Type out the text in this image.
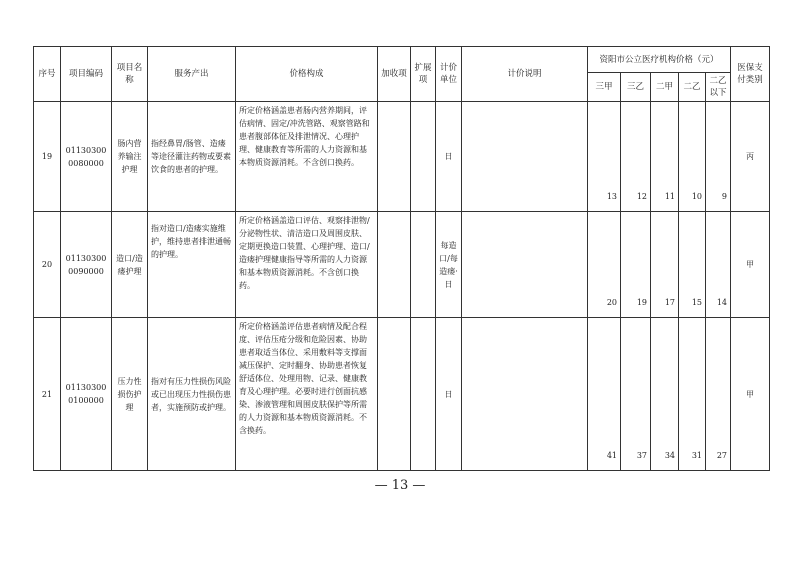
序号	项目编码	项目名称	服务产出	价格构成	加收项	扩展项	计价单位	计价说明	资阳市公立医疗机构价格（元）					医保支付类别
									三甲	三乙	二甲	二乙	二乙以下	
19	01130300 0080000	肠内营养输注护理	指经鼻胃/肠管、造瘘等途径灌注药物或要素饮食的患者的护理。	所定价格涵盖患者肠内营养期间，评估病情、固定/冲洗管路、观察管路和患者腹部体征及排泄情况、心理护理、健康教育等所需的人力资源和基本物质资源消耗。不含创口换药。			日		13	12	11	10	9	丙
20	01130300 0090000	造口/造瘘护理	指对造口/造瘘实施维护，维持患者排泄通畅的护理。	所定价格涵盖造口评估、观察排泄物/分泌物性状、清洁造口及周围皮肤、定期更换造口装置、心理护理、造口/造瘘护理健康指导等所需的人力资源和基本物质资源消耗。不含创口换药。			每造口/每造瘘·日		20	19	17	15	14	甲
21	01130300 0100000	压力性损伤护理	指对有压力性损伤风险或已出现压力性损伤患者，实施预防或护理。	所定价格涵盖评估患者病情及配合程度、评估压疮分级和危险因素、协助患者取适当体位、采用敷料等支撑面减压保护、定时翻身、协助患者恢复舒适体位、处理用物、记录、健康教育及心理护理。必要时进行创面抗感染、渗液管理和周围皮肤保护等所需的人力资源和基本物质资源消耗。不含换药。			日		41	37	34	31	27	甲
— 13 —
